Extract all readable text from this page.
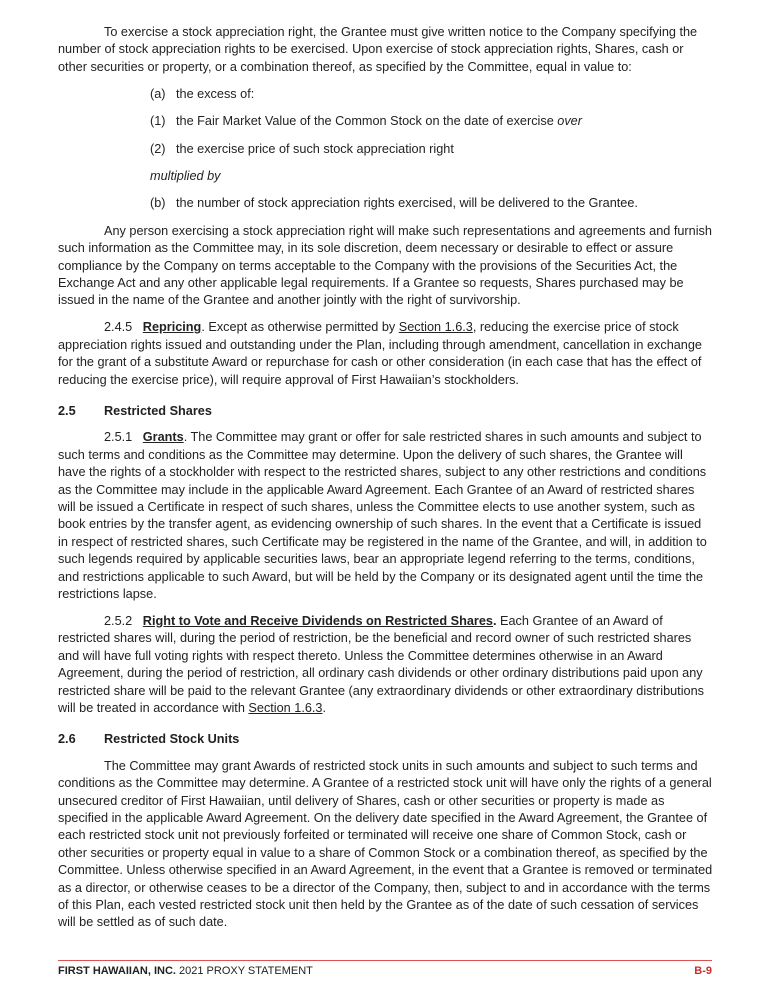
To exercise a stock appreciation right, the Grantee must give written notice to the Company specifying the number of stock appreciation rights to be exercised. Upon exercise of stock appreciation rights, Shares, cash or other securities or property, or a combination thereof, as specified by the Committee, equal in value to:

(a) the excess of:

(1) the Fair Market Value of the Common Stock on the date of exercise over

(2) the exercise price of such stock appreciation right

multiplied by

(b) the number of stock appreciation rights exercised, will be delivered to the Grantee.

Any person exercising a stock appreciation right will make such representations and agreements and furnish such information as the Committee may, in its sole discretion, deem necessary or desirable to effect or assure compliance by the Company on terms acceptable to the Company with the provisions of the Securities Act, the Exchange Act and any other applicable legal requirements. If a Grantee so requests, Shares purchased may be issued in the name of the Grantee and another jointly with the right of survivorship.

2.4.5 Repricing. Except as otherwise permitted by Section 1.6.3, reducing the exercise price of stock appreciation rights issued and outstanding under the Plan, including through amendment, cancellation in exchange for the grant of a substitute Award or repurchase for cash or other consideration (in each case that has the effect of reducing the exercise price), will require approval of First Hawaiian’s stockholders.

2.5 Restricted Shares

2.5.1 Grants. The Committee may grant or offer for sale restricted shares in such amounts and subject to such terms and conditions as the Committee may determine. Upon the delivery of such shares, the Grantee will have the rights of a stockholder with respect to the restricted shares, subject to any other restrictions and conditions as the Committee may include in the applicable Award Agreement. Each Grantee of an Award of restricted shares will be issued a Certificate in respect of such shares, unless the Committee elects to use another system, such as book entries by the transfer agent, as evidencing ownership of such shares. In the event that a Certificate is issued in respect of restricted shares, such Certificate may be registered in the name of the Grantee, and will, in addition to such legends required by applicable securities laws, bear an appropriate legend referring to the terms, conditions, and restrictions applicable to such Award, but will be held by the Company or its designated agent until the time the restrictions lapse.

2.5.2 Right to Vote and Receive Dividends on Restricted Shares. Each Grantee of an Award of restricted shares will, during the period of restriction, be the beneficial and record owner of such restricted shares and will have full voting rights with respect thereto. Unless the Committee determines otherwise in an Award Agreement, during the period of restriction, all ordinary cash dividends or other ordinary distributions paid upon any restricted share will be paid to the relevant Grantee (any extraordinary dividends or other extraordinary distributions will be treated in accordance with Section 1.6.3.

2.6 Restricted Stock Units

The Committee may grant Awards of restricted stock units in such amounts and subject to such terms and conditions as the Committee may determine. A Grantee of a restricted stock unit will have only the rights of a general unsecured creditor of First Hawaiian, until delivery of Shares, cash or other securities or property is made as specified in the applicable Award Agreement. On the delivery date specified in the Award Agreement, the Grantee of each restricted stock unit not previously forfeited or terminated will receive one share of Common Stock, cash or other securities or property equal in value to a share of Common Stock or a combination thereof, as specified by the Committee. Unless otherwise specified in an Award Agreement, in the event that a Grantee is removed or terminated as a director, or otherwise ceases to be a director of the Company, then, subject to and in accordance with the terms of this Plan, each vested restricted stock unit then held by the Grantee as of the date of such cessation of services will be settled as of such date.

FIRST HAWAIIAN, INC. 2021 PROXY STATEMENT	B-9
